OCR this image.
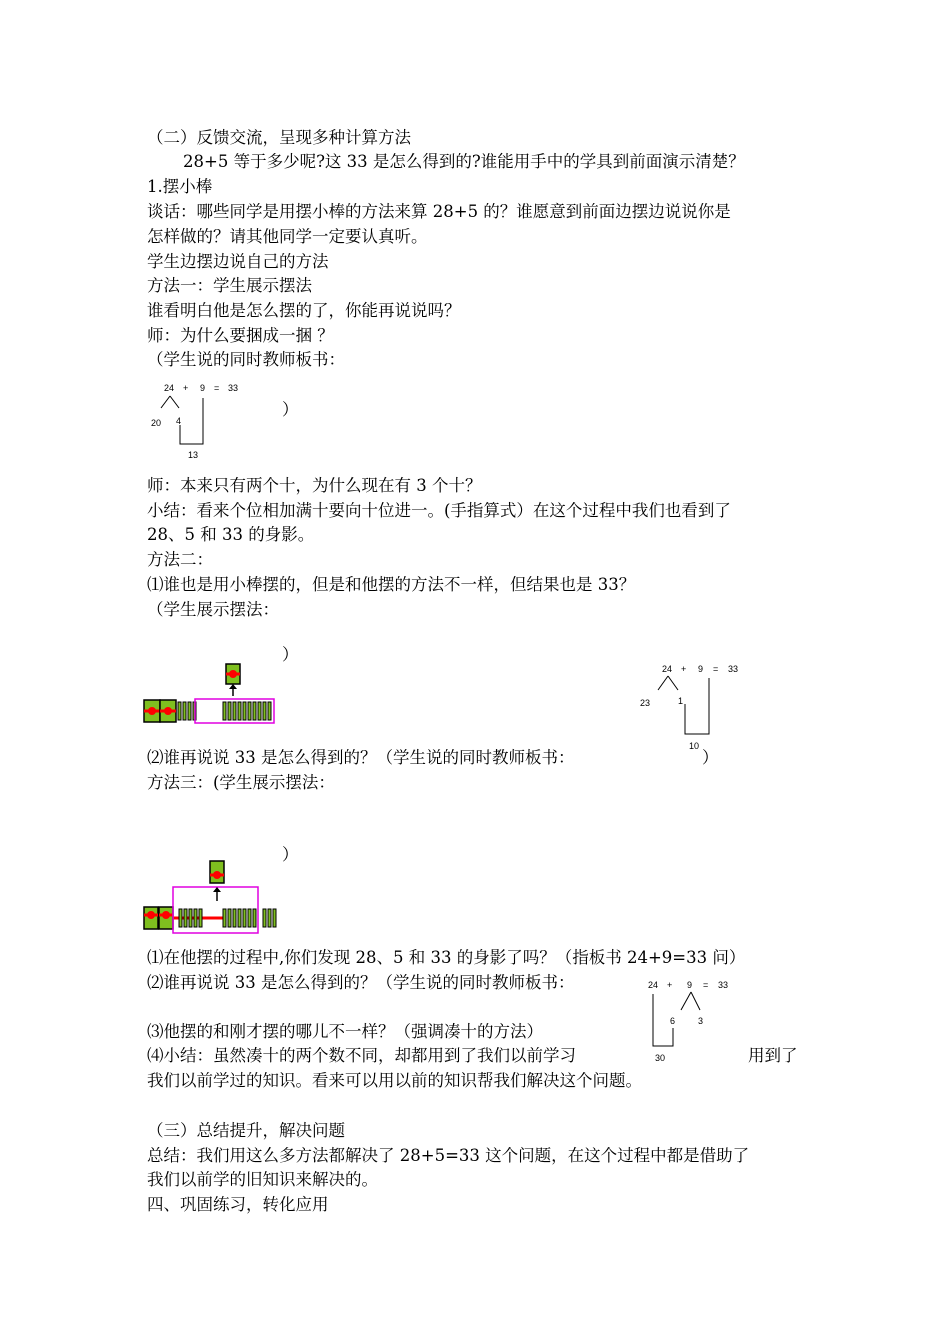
（二）反馈交流，呈现多种计算方法
28+5 等于多少呢?这 33 是怎么得到的?谁能用手中的学具到前面演示清楚？
1.摆小棒
谈话：哪些同学是用摆小棒的方法来算 28+5 的？谁愿意到前面边摆边说说你是
怎样做的？请其他同学一定要认真听。
学生边摆边说自己的方法
方法一：学生展示摆法
谁看明白他是怎么摆的了，你能再说说吗？
师：为什么要捆成一捆 ？
（学生说的同时教师板书：
24 + 9 = 33
20 4
13
）
师：本来只有两个十，为什么现在有 3 个十？
小结：看来个位相加满十要向十位进一。(手指算式）在这个过程中我们也看到了
28、5 和 33 的身影。
方法二：
⑴谁也是用小棒摆的，但是和他摆的方法不一样，但结果也是 33？
（学生展示摆法：
）
24 + 9 = 33
23	1
10
⑵谁再说说 33 是怎么得到的？（学生说的同时教师板书：	）
方法三：(学生展示摆法：
）
⑴在他摆的过程中,你们发现 28、5 和 33 的身影了吗？（指板书 24+9=33 问）
⑵谁再说说 33 是怎么得到的？（学生说的同时教师板书：	24 + 9 = 33
6	3
30
⑶他摆的和刚才摆的哪儿不一样？（强调凑十的方法）
⑷小结：虽然凑十的两个数不同，却都用到了我们以前学习	用到了
我们以前学过的知识。看来可以用以前的知识帮我们解决这个问题。
（三）总结提升，解决问题
总结：我们用这么多方法都解决了 28+5=33 这个问题，在这个过程中都是借助了
我们以前学的旧知识来解决的。
四、巩固练习，转化应用
